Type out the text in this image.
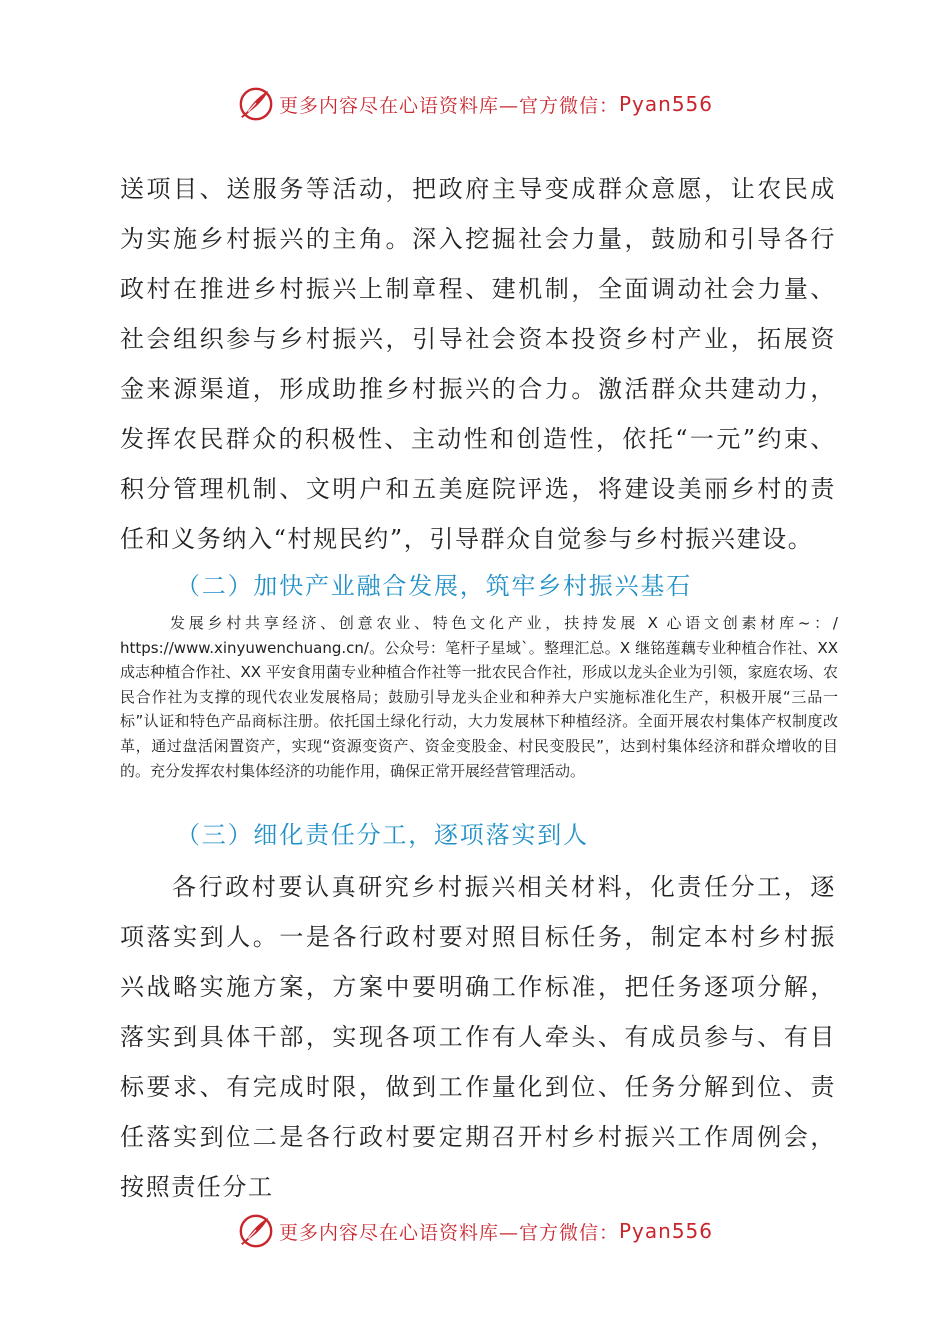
更多内容尽在心语资料库—官方微信： Pyan556

送项目、送服务等活动，把政府主导变成群众意愿，让农民成为实施乡村振兴的主角。深入挖掘社会力量，鼓励和引导各行政村在推进乡村振兴上制章程、建机制，全面调动社会力量、社会组织参与乡村振兴，引导社会资本投资乡村产业，拓展资金来源渠道，形成助推乡村振兴的合力。激活群众共建动力，发挥农民群众的积极性、主动性和创造性，依托“一元”约束、积分管理机制、文明户和五美庭院评选，将建设美丽乡村的责任和义务纳入“村规民约”，引导群众自觉参与乡村振兴建设。

（二）加快产业融合发展，筑牢乡村振兴基石

发展乡村共享经济、创意农业、特色文化产业，扶持发展 X 心语文创素材库~：/ https://www.xinyuwenchuang.cn/。公众号：笔杆子星域`。整理汇总。X 继铭莲藕专业种植合作社、XX 成志种植合作社、XX 平安食用菌专业种植合作社等一批农民合作社，形成以龙头企业为引领，家庭农场、农民合作社为支撑的现代农业发展格局；鼓励引导龙头企业和种养大户实施标准化生产，积极开展“三品一标”认证和特色产品商标注册。依托国土绿化行动，大力发展林下种植经济。全面开展农村集体产权制度改革，通过盘活闲置资产，实现“资源变资产、资金变股金、村民变股民”，达到村集体经济和群众增收的目的。充分发挥农村集体经济的功能作用，确保正常开展经营管理活动。

（三）细化责任分工，逐项落实到人

各行政村要认真研究乡村振兴相关材料，化责任分工，逐项落实到人。一是各行政村要对照目标任务，制定本村乡村振兴战略实施方案，方案中要明确工作标准，把任务逐项分解，落实到具体干部，实现各项工作有人牵头、有成员参与、有目标要求、有完成时限，做到工作量化到位、任务分解到位、责任落实到位二是各行政村要定期召开村乡村振兴工作周例会，按照责任分工

更多内容尽在心语资料库—官方微信： Pyan556
